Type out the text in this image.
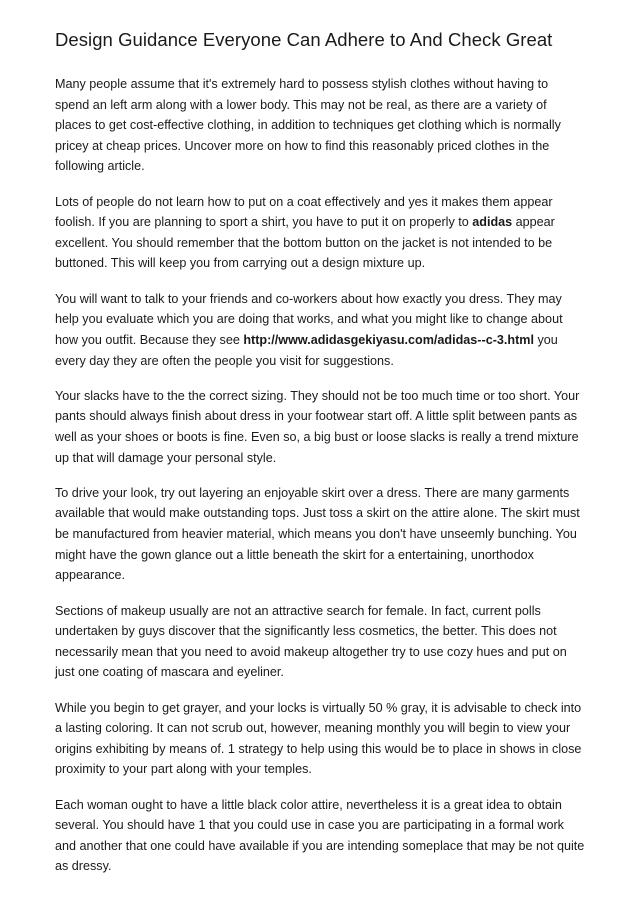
Design Guidance Everyone Can Adhere to And Check Great

Many people assume that it's extremely hard to possess stylish clothes without having to spend an left arm along with a lower body. This may not be real, as there are a variety of places to get cost-effective clothing, in addition to techniques get clothing which is normally pricey at cheap prices. Uncover more on how to find this reasonably priced clothes in the following article.

Lots of people do not learn how to put on a coat effectively and yes it makes them appear foolish. If you are planning to sport a shirt, you have to put it on properly to adidas appear excellent. You should remember that the bottom button on the jacket is not intended to be buttoned. This will keep you from carrying out a design mixture up.

You will want to talk to your friends and co-workers about how exactly you dress. They may help you evaluate which you are doing that works, and what you might like to change about how you outfit. Because they see http://www.adidasgekiyasu.com/adidas--c-3.html you every day they are often the people you visit for suggestions.

Your slacks have to the the correct sizing. They should not be too much time or too short. Your pants should always finish about dress in your footwear start off. A little split between pants as well as your shoes or boots is fine. Even so, a big bust or loose slacks is really a trend mixture up that will damage your personal style.

To drive your look, try out layering an enjoyable skirt over a dress. There are many garments available that would make outstanding tops. Just toss a skirt on the attire alone. The skirt must be manufactured from heavier material, which means you don't have unseemly bunching. You might have the gown glance out a little beneath the skirt for a entertaining, unorthodox appearance.

Sections of makeup usually are not an attractive search for female. In fact, current polls undertaken by guys discover that the significantly less cosmetics, the better. This does not necessarily mean that you need to avoid makeup altogether try to use cozy hues and put on just one coating of mascara and eyeliner.

While you begin to get grayer, and your locks is virtually 50 % gray, it is advisable to check into a lasting coloring. It can not scrub out, however, meaning monthly you will begin to view your origins exhibiting by means of. 1 strategy to help using this would be to place in shows in close proximity to your part along with your temples.

Each woman ought to have a little black color attire, nevertheless it is a great idea to obtain several. You should have 1 that you could use in case you are participating in a formal work and another that one could have available if you are intending someplace that may be not quite as dressy.
